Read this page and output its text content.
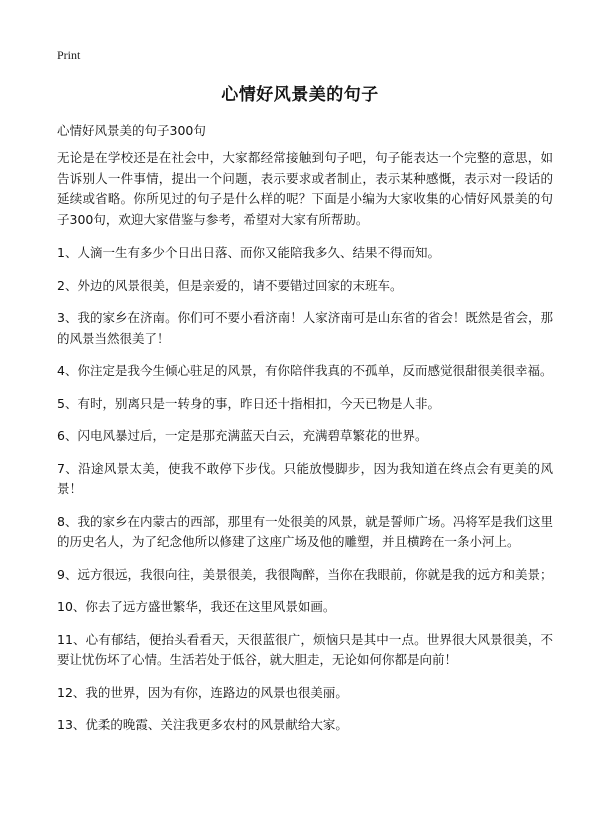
Print
心情好风景美的句子

心情好风景美的句子300句

无论是在学校还是在社会中，大家都经常接触到句子吧，句子能表达一个完整的意思，如告诉别人一件事情，提出一个问题，表示要求或者制止，表示某种感慨，表示对一段话的延续或省略。你所见过的句子是什么样的呢？下面是小编为大家收集的心情好风景美的句子300句，欢迎大家借鉴与参考，希望对大家有所帮助。

1、人滴一生有多少个日出日落、而你又能陪我多久、结果不得而知。

2、外边的风景很美，但是亲爱的，请不要错过回家的末班车。

3、我的家乡在济南。你们可不要小看济南！人家济南可是山东省的省会！既然是省会，那的风景当然很美了！

4、你注定是我今生倾心驻足的风景，有你陪伴我真的不孤单，反而感觉很甜很美很幸福。

5、有时，别离只是一转身的事，昨日还十指相扣，今天已物是人非。

6、闪电风暴过后，一定是那充满蓝天白云，充满碧草繁花的世界。

7、沿途风景太美，使我不敢停下步伐。只能放慢脚步，因为我知道在终点会有更美的风景！

8、我的家乡在内蒙古的西部，那里有一处很美的风景，就是誓师广场。冯将军是我们这里的历史名人，为了纪念他所以修建了这座广场及他的雕塑，并且横跨在一条小河上。

9、远方很远，我很向往，美景很美，我很陶醉，当你在我眼前，你就是我的远方和美景；

10、你去了远方盛世繁华，我还在这里风景如画。

11、心有郁结，便抬头看看天，天很蓝很广，烦恼只是其中一点。世界很大风景很美，不要让忧伤坏了心情。生活若处于低谷，就大胆走，无论如何你都是向前！

12、我的世界，因为有你，连路边的风景也很美丽。

13、优柔的晚霞、关注我更多农村的风景献给大家。
